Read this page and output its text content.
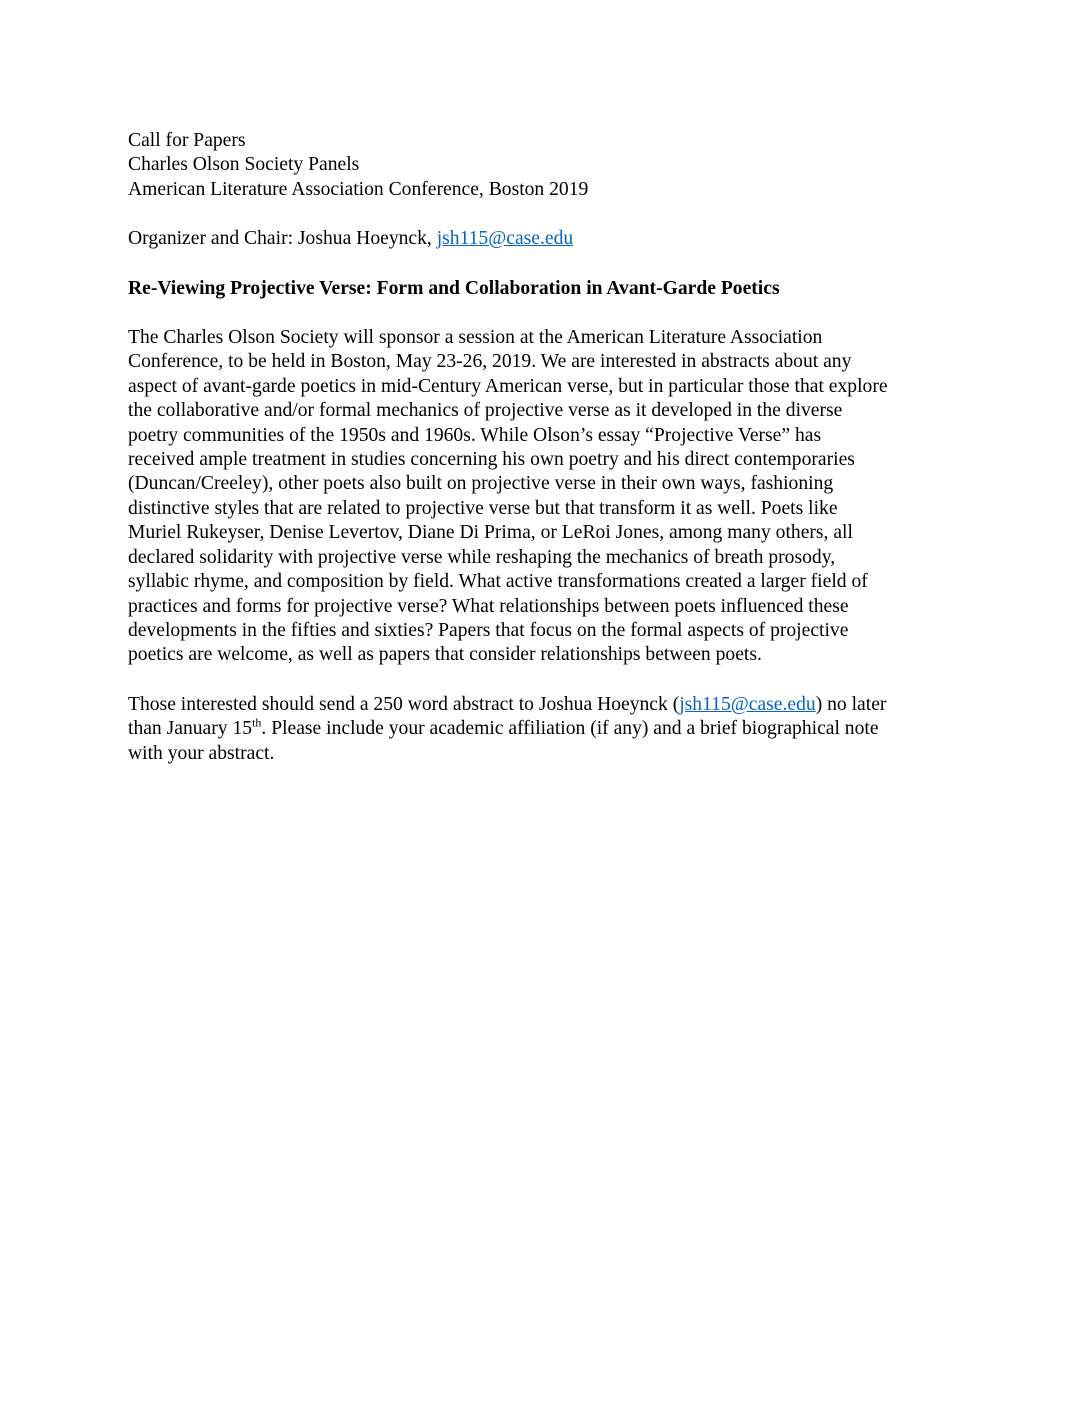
Call for Papers
Charles Olson Society Panels
American Literature Association Conference, Boston 2019
Organizer and Chair: Joshua Hoeynck, jsh115@case.edu
Re-Viewing Projective Verse: Form and Collaboration in Avant-Garde Poetics
The Charles Olson Society will sponsor a session at the American Literature Association
Conference, to be held in Boston, May 23-26, 2019. We are interested in abstracts about any
aspect of avant-garde poetics in mid-Century American verse, but in particular those that explore
the collaborative and/or formal mechanics of projective verse as it developed in the diverse
poetry communities of the 1950s and 1960s. While Olson’s essay “Projective Verse” has
received ample treatment in studies concerning his own poetry and his direct contemporaries
(Duncan/Creeley), other poets also built on projective verse in their own ways, fashioning
distinctive styles that are related to projective verse but that transform it as well. Poets like
Muriel Rukeyser, Denise Levertov, Diane Di Prima, or LeRoi Jones, among many others, all
declared solidarity with projective verse while reshaping the mechanics of breath prosody,
syllabic rhyme, and composition by field. What active transformations created a larger field of
practices and forms for projective verse? What relationships between poets influenced these
developments in the fifties and sixties? Papers that focus on the formal aspects of projective
poetics are welcome, as well as papers that consider relationships between poets.
Those interested should send a 250 word abstract to Joshua Hoeynck (jsh115@case.edu) no later
than January 15th. Please include your academic affiliation (if any) and a brief biographical note
with your abstract.
